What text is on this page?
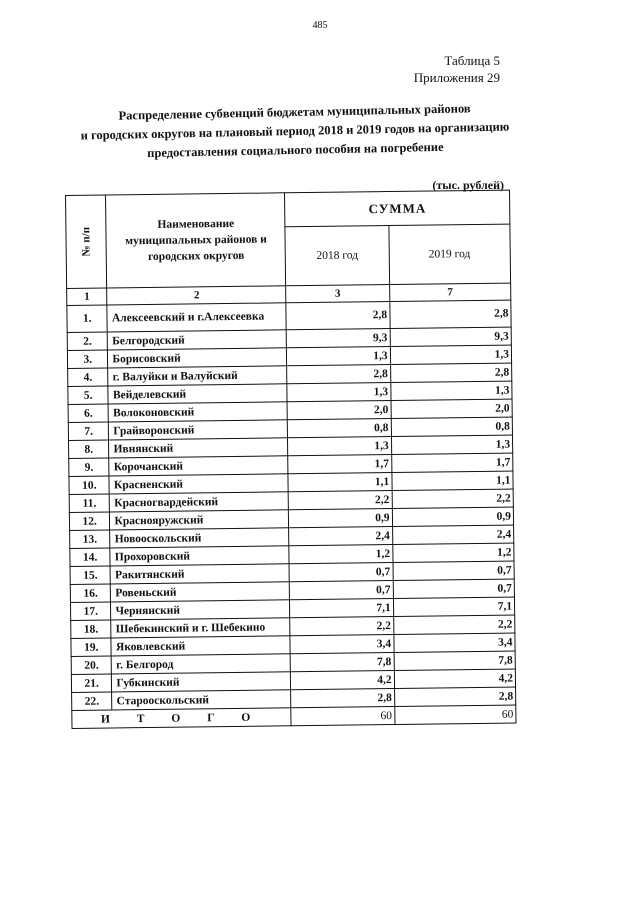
485
Таблица 5
Приложения 29
Распределение субвенций бюджетам муниципальных районов
и городских округов на плановый период 2018 и 2019 годов на организацию
предоставления социального пособия на погребение
(тыс. рублей)
№ п/п	Наименование
муниципальных районов и
городских округов	СУММА	
		2018 год	2019 год
1	2	3	7
1.	Алексеевский и г.Алексеевка	2,8	2,8
2.	Белгородский	9,3	9,3
3.	Борисовский	1,3	1,3
4.	г. Валуйки и Валуйский	2,8	2,8
5.	Вейделевский	1,3	1,3
6.	Волоконовский	2,0	2,0
7.	Грайворонский	0,8	0,8
8.	Ивнянский	1,3	1,3
9.	Корочанский	1,7	1,7
10.	Красненский	1,1	1,1
11.	Красногвардейский	2,2	2,2
12.	Краснояружский	0,9	0,9
13.	Новооскольский	2,4	2,4
14.	Прохоровский	1,2	1,2
15.	Ракитянский	0,7	0,7
16.	Ровеньский	0,7	0,7
17.	Чернянский	7,1	7,1
18.	Шебекинский и г. Шебекино	2,2	2,2
19.	Яковлевский	3,4	3,4
20.	г. Белгород	7,8	7,8
21.	Губкинский	4,2	4,2
22.	Старооскольский	2,8	2,8
И Т О Г О		60	60
